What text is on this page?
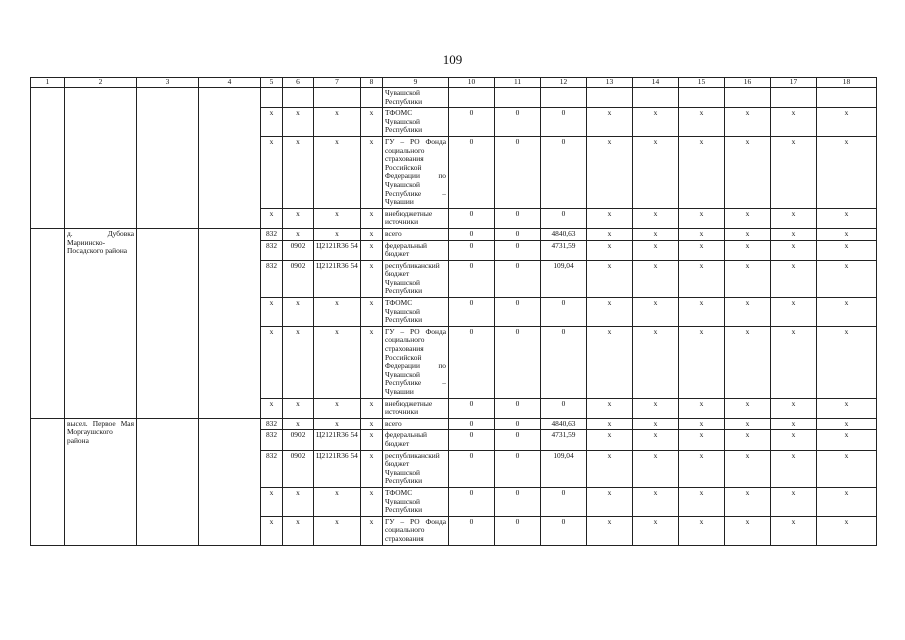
109
1	2	3	4	5	6	7	8	9	10	11	12	13	14	15	16	17	18
								Чувашской Республики									
				x	x	x	x	ТФОМС Чувашской Республики	0	0	0	x	x	x	x	x	x
				x	x	x	x	ГУ – РО Фонда социального страхования Российской Федерации по Чувашской Республике – Чувашии	0	0	0	x	x	x	x	x	x
				x	x	x	x	внебюджетные источники	0	0	0	x	x	x	x	x	x
	д. Дубовка Мариинско-Посадского района			832	x	x	x	всего	0	0	4840,63	x	x	x	x	x	x
				832	0902	Ц2121R36 54	x	федеральный бюджет	0	0	4731,59	x	x	x	x	x	x
				832	0902	Ц2121R36 54	x	республиканский бюджет Чувашской Республики	0	0	109,04	x	x	x	x	x	x
				x	x	x	x	ТФОМС Чувашской Республики	0	0	0	x	x	x	x	x	x
				x	x	x	x	ГУ – РО Фонда социального страхования Российской Федерации по Чувашской Республике – Чувашии	0	0	0	x	x	x	x	x	x
				x	x	x	x	внебюджетные источники	0	0	0	x	x	x	x	x	x
	высел. Первое Мая Моргаушского района			832	x	x	x	всего	0	0	4840,63	x	x	x	x	x	x
				832	0902	Ц2121R36 54	x	федеральный бюджет	0	0	4731,59	x	x	x	x	x	x
				832	0902	Ц2121R36 54	x	республиканский бюджет Чувашской Республики	0	0	109,04	x	x	x	x	x	x
				x	x	x	x	ТФОМС Чувашской Республики	0	0	0	x	x	x	x	x	x
				x	x	x	x	ГУ – РО Фонда социального страхования	0	0	0	x	x	x	x	x	x
